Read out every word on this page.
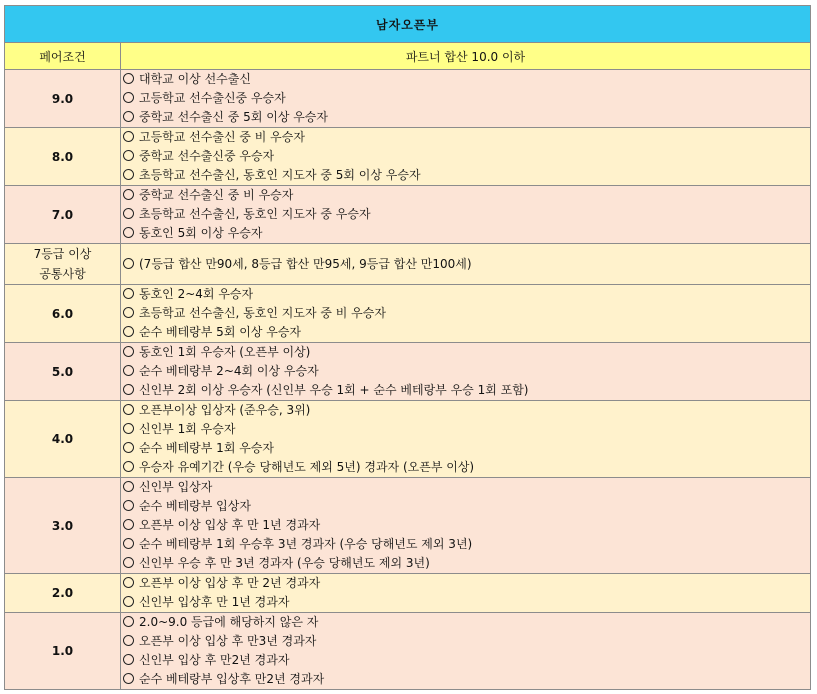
남자오픈부	
페어조건	파트너 합산 10.0 이하

9.0	대학교 이상 선수출신
고등학교 선수출신중 우승자
중학교 선수출신 중 5회 이상 우승자

8.0	고등학교 선수출신 중 비 우승자
중학교 선수출신중 우승자
초등학교 선수출신, 동호인 지도자 중 5회 이상 우승자

7.0	중학교 선수출신 중 비 우승자
초등학교 선수출신, 동호인 지도자 중 우승자
동호인 5회 이상 우승자

7등급 이상
공통사항	(7등급 합산 만90세, 8등급 합산 만95세, 9등급 합산 만100세)

6.0	동호인 2~4회 우승자
초등학교 선수출신, 동호인 지도자 중 비 우승자
순수 베테랑부 5회 이상 우승자

5.0	동호인 1회 우승자 (오픈부 이상)
순수 베테랑부 2~4회 이상 우승자
신인부 2회 이상 우승자 (신인부 우승 1회 + 순수 베테랑부 우승 1회 포함)

4.0	오픈부이상 입상자 (준우승, 3위)
신인부 1회 우승자
순수 베테랑부 1회 우승자
우승자 유예기간 (우승 당해년도 제외 5년) 경과자 (오픈부 이상)

3.0	신인부 입상자
순수 베테랑부 입상자
오픈부 이상 입상 후 만 1년 경과자
순수 베테랑부 1회 우승후 3년 경과자 (우승 당해년도 제외 3년)
신인부 우승 후 만 3년 경과자 (우승 당해년도 제외 3년)

2.0	오픈부 이상 입상 후 만 2년 경과자
신인부 입상후 만 1년 경과자

1.0	2.0~9.0 등급에 해당하지 않은 자
오픈부 이상 입상 후 만3년 경과자
신인부 입상 후 만2년 경과자
순수 베테랑부 입상후 만2년 경과자
